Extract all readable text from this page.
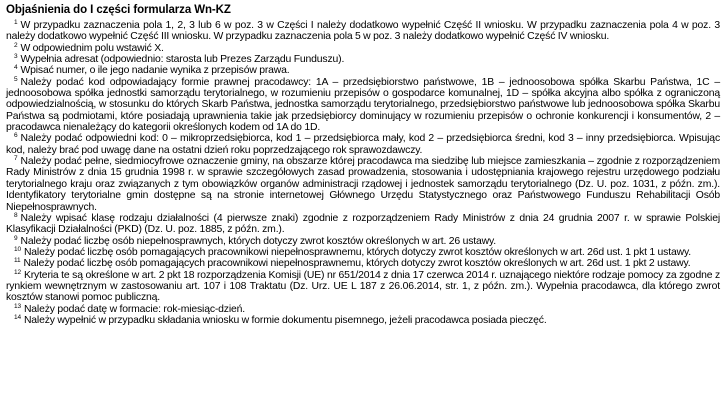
Objaśnienia do I części formularza Wn-KZ

$^1$ W przypadku zaznaczenia pola 1, 2, 3 lub 6 w poz. 3 w Części I należy dodatkowo wypełnić Część II wniosku. W przypadku zaznaczenia pola 4 w poz. 3 należy dodatkowo wypełnić Część III wniosku. W przypadku zaznaczenia pola 5 w poz. 3 należy dodatkowo wypełnić Część IV wniosku.

$^2$ W odpowiednim polu wstawić X.

$^3$ Wypełnia adresat (odpowiednio: starosta lub Prezes Zarządu Funduszu).

$^4$ Wpisać numer, o ile jego nadanie wynika z przepisów prawa.

$^5$ Należy podać kod odpowiadający formie prawnej pracodawcy: 1A – przedsiębiorstwo państwowe, 1B – jednoosobowa spółka Skarbu Państwa, 1C – jednoosobowa spółka jednostki samorządu terytorialnego, w rozumieniu przepisów o gospodarce komunalnej, 1D – spółka akcyjna albo spółka z ograniczoną odpowiedzialnością, w stosunku do których Skarb Państwa, jednostka samorządu terytorialnego, przedsiębiorstwo państwowe lub jednoosobowa spółka Skarbu Państwa są podmiotami, które posiadają uprawnienia takie jak przedsiębiorcy dominujący w rozumieniu przepisów o ochronie konkurencji i konsumentów, 2 – pracodawca nienależący do kategorii określonych kodem od 1A do 1D.

$^6$ Należy podać odpowiedni kod: 0 – mikroprzedsiębiorca, kod 1 – przedsiębiorca mały, kod 2 – przedsiębiorca średni, kod 3 – inny przedsiębiorca. Wpisując kod, należy brać pod uwagę dane na ostatni dzień roku poprzedzającego rok sprawozdawczy.

$^7$ Należy podać pełne, siedmiocyfrowe oznaczenie gminy, na obszarze której pracodawca ma siedzibę lub miejsce zamieszkania – zgodnie z rozporządzeniem Rady Ministrów z dnia 15 grudnia 1998 r. w sprawie szczegółowych zasad prowadzenia, stosowania i udostępniania krajowego rejestru urzędowego podziału terytorialnego kraju oraz związanych z tym obowiązków organów administracji rządowej i jednostek samorządu terytorialnego (Dz. U. poz. 1031, z późn. zm.). Identyfikatory terytorialne gmin dostępne są na stronie internetowej Głównego Urzędu Statystycznego oraz Państwowego Funduszu Rehabilitacji Osób Niepełnosprawnych.

$^8$ Należy wpisać klasę rodzaju działalności (4 pierwsze znaki) zgodnie z rozporządzeniem Rady Ministrów z dnia 24 grudnia 2007 r. w sprawie Polskiej Klasyfikacji Działalności (PKD) (Dz. U. poz. 1885, z późn. zm.).

$^9$ Należy podać liczbę osób niepełnosprawnych, których dotyczy zwrot kosztów określonych w art. 26 ustawy.

$^{10}$ Należy podać liczbę osób pomagających pracownikowi niepełnosprawnemu, których dotyczy zwrot kosztów określonych w art. 26d ust. 1 pkt 1 ustawy.

$^{11}$ Należy podać liczbę osób pomagających pracownikowi niepełnosprawnemu, których dotyczy zwrot kosztów określonych w art. 26d ust. 1 pkt 2 ustawy.

$^{12}$ Kryteria te są określone w art. 2 pkt 18 rozporządzenia Komisji (UE) nr 651/2014 z dnia 17 czerwca 2014 r. uznającego niektóre rodzaje pomocy za zgodne z rynkiem wewnętrznym w zastosowaniu art. 107 i 108 Traktatu (Dz. Urz. UE L 187 z 26.06.2014, str. 1, z późn. zm.). Wypełnia pracodawca, dla którego zwrot kosztów stanowi pomoc publiczną.

$^{13}$ Należy podać datę w formacie: rok-miesiąc-dzień.

$^{14}$ Należy wypełnić w przypadku składania wniosku w formie dokumentu pisemnego, jeżeli pracodawca posiada pieczęć.
